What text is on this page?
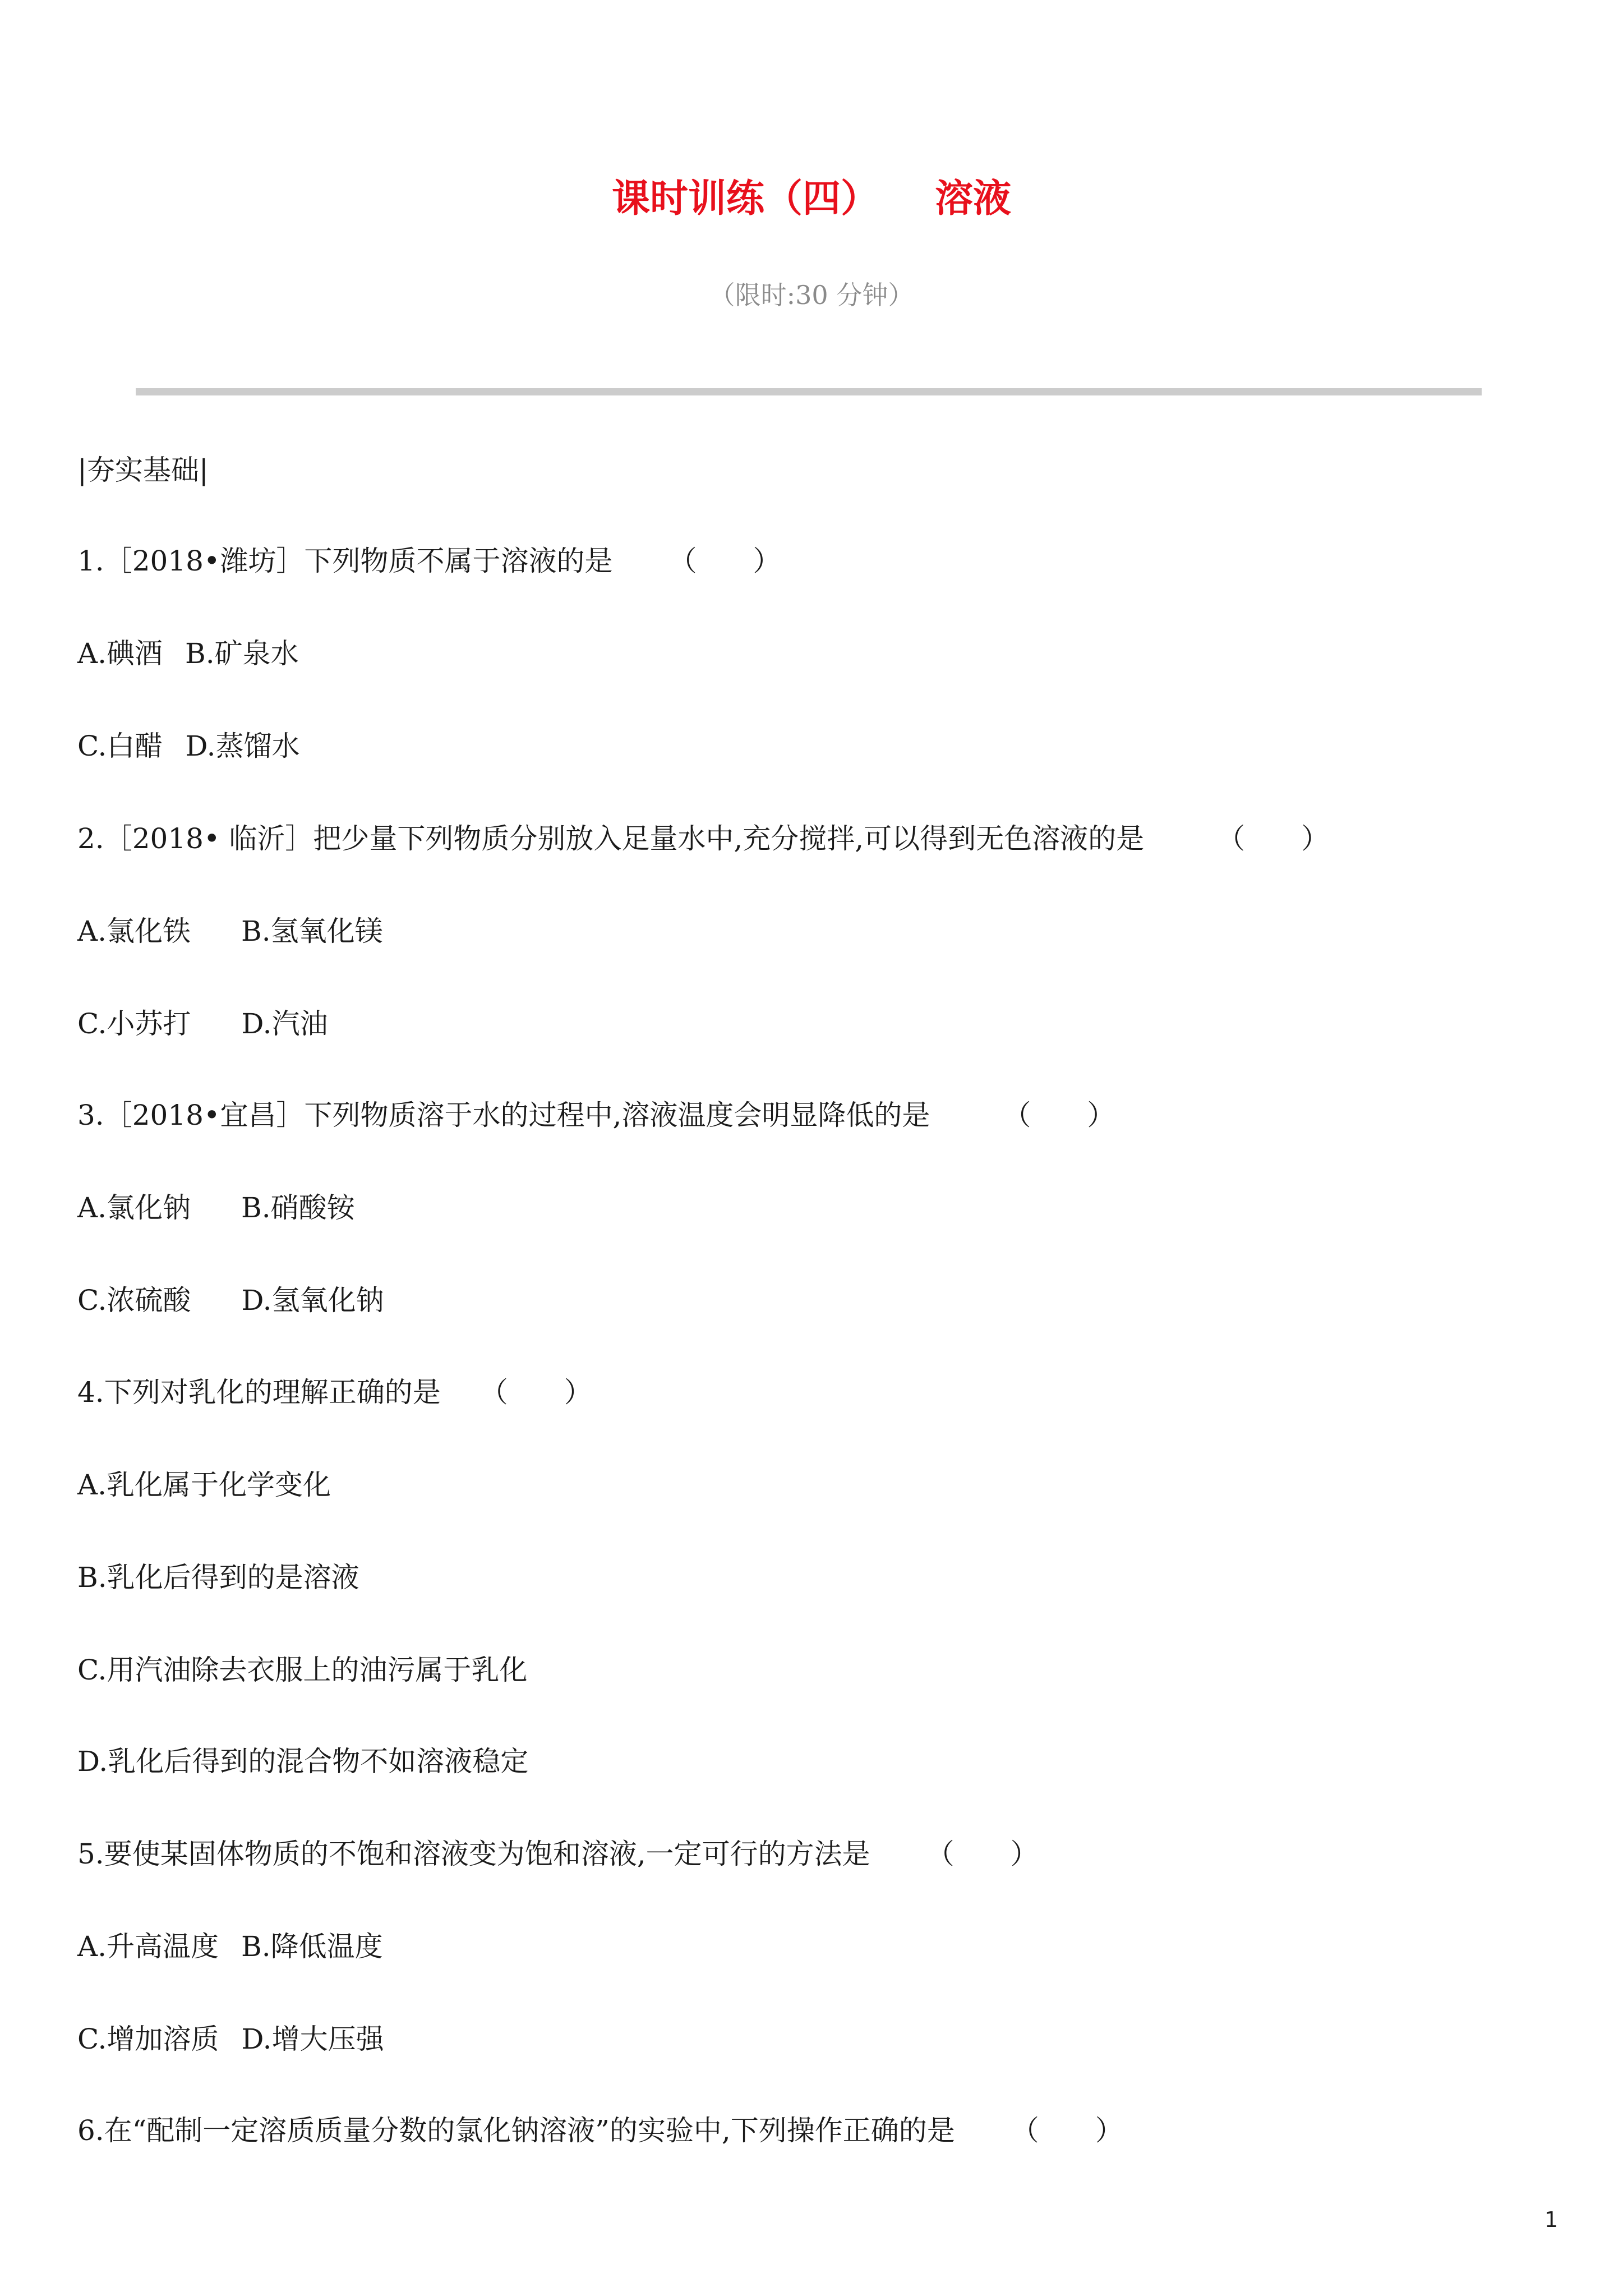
课时训练（四） 溶液
（限时:30 分钟）
|夯实基础|
1.［2018•潍坊］下列物质不属于溶液的是 （ ）
A.碘酒 B.矿泉水
C.白醋 D.蒸馏水
2.［2018• 临沂］把少量下列物质分别放入足量水中,充分搅拌,可以得到无色溶液的是	（ ）
A.氯化铁 B.氢氧化镁
C.小苏打 D.汽油
3.［2018•宜昌］下列物质溶于水的过程中,溶液温度会明显降低的是	（ ）
A.氯化钠 B.硝酸铵
C.浓硫酸 D.氢氧化钠
4.下列对乳化的理解正确的是 （ ）
A.乳化属于化学变化
B.乳化后得到的是溶液
C.用汽油除去衣服上的油污属于乳化
D.乳化后得到的混合物不如溶液稳定
5.要使某固体物质的不饱和溶液变为饱和溶液,一定可行的方法是 （ ）
A.升高温度 B.降低温度
C.增加溶质 D.增大压强
6.在“配制一定溶质质量分数的氯化钠溶液”的实验中,下列操作正确的是 （ ）
1
